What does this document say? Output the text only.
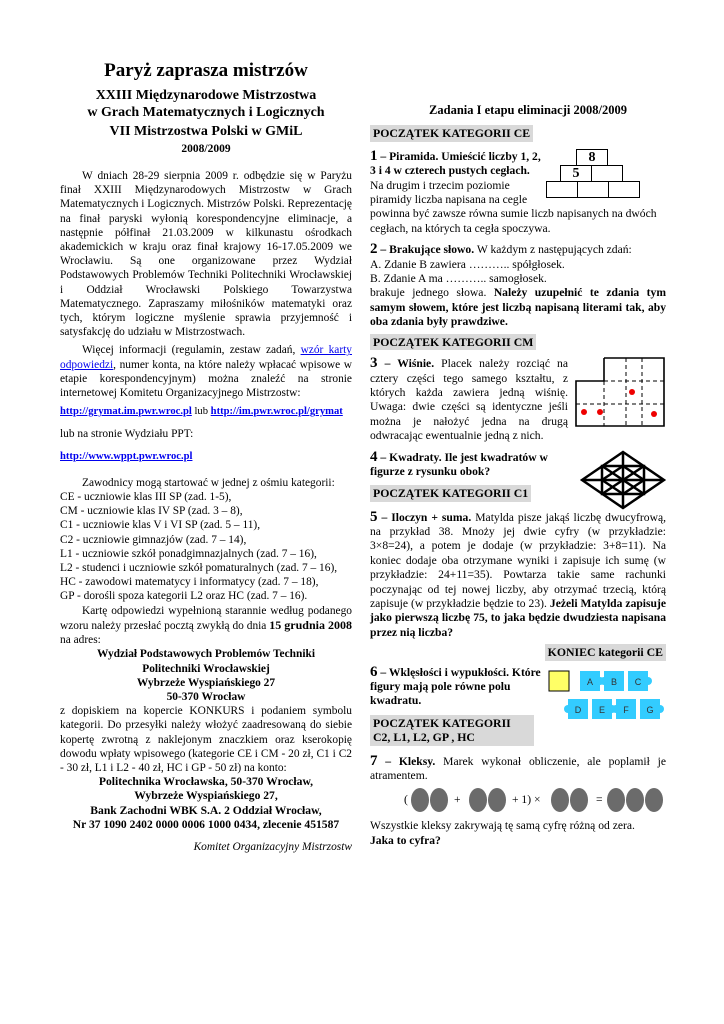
Paryż zaprasza mistrzów
XXIII Międzynarodowe Mistrzostwa
w Grach Matematycznych i Logicznych
VII Mistrzostwa Polski w GMiL
2008/2009

W dniach 28-29 sierpnia 2009 r. odbędzie się w Paryżu finał XXIII Międzynarodowych Mistrzostw w Grach Matematycznych i Logicznych. Mistrzów Polski. Reprezentację na finał paryski wyłonią korespondencyjne eliminacje, a następnie półfinał 21.03.2009 w kilkunastu ośrodkach akademickich w kraju oraz finał krajowy 16-17.05.2009 we Wrocławiu. Są one organizowane przez Wydział Podstawowych Problemów Techniki Politechniki Wrocławskiej i Oddział Wrocławski Polskiego Towarzystwa Matematycznego. Zapraszamy miłośników matematyki oraz tych, którym logiczne myślenie sprawia przyjemność i satysfakcję do udziału w Mistrzostwach.

Więcej informacji (regulamin, zestaw zadań, wzór karty odpowiedzi, numer konta, na które należy wpłacać wpisowe w etapie korespondencyjnym) można znaleźć na stronie internetowej Komitetu Organizacyjnego Mistrzostw:

http://grymat.im.pwr.wroc.pl lub http://im.pwr.wroc.pl/grymat

lub na stronie Wydziału PPT:

http://www.wppt.pwr.wroc.pl

Zawodnicy mogą startować w jednej z ośmiu kategorii:

CE - uczniowie klas III SP (zad. 1-5),
CM - uczniowie klas IV SP (zad. 3 – 8),
C1 - uczniowie klas V i VI SP (zad. 5 – 11),
C2 - uczniowie gimnazjów (zad. 7 – 14),
L1 - uczniowie szkół ponadgimnazjalnych (zad. 7 – 16),
L2 - studenci i uczniowie szkół pomaturalnych (zad. 7 – 16),
HC - zawodowi matematycy i informatycy (zad. 7 – 18),
GP - dorośli spoza kategorii L2 oraz HC (zad. 7 – 16).

Kartę odpowiedzi wypełnioną starannie według podanego wzoru należy przesłać pocztą zwykłą do dnia 15 grudnia 2008 na adres:

Wydział Podstawowych Problemów Techniki
Politechniki Wrocławskiej
Wybrzeże Wyspiańskiego 27
50-370 Wrocław

z dopiskiem na kopercie KONKURS i podaniem symbolu kategorii. Do przesyłki należy włożyć zaadresowaną do siebie kopertę zwrotną z naklejonym znaczkiem oraz kserokopię dowodu wpłaty wpisowego (kategorie CE i CM - 20 zł, C1 i C2 - 30 zł, L1 i L2 - 40 zł, HC i GP - 50 zł) na konto:

Politechnika Wrocławska, 50-370 Wrocław,
Wybrzeże Wyspiańskiego 27,
Bank Zachodni WBK S.A. 2 Oddział Wrocław,
Nr 37 1090 2402 0000 0006 1000 0434, zlecenie 451587

Komitet Organizacyjny Mistrzostw

Zadania I etapu eliminacji 2008/2009
POCZĄTEK KATEGORII CE
8
5

1 – Piramida. Umieścić liczby 1, 2, 3 i 4 w czterech pustych cegłach. Na drugim i trzecim poziomie piramidy liczba napisana na cegle powinna być zawsze równa sumie liczb napisanych na dwóch cegłach, na których ta cegła spoczywa.

2 – Brakujące słowo. W każdym z następujących zdań:

A. Zdanie B zawiera ……….. spółgłosek.

B. Zdanie A ma ……….. samogłosek.

brakuje jednego słowa. Należy uzupełnić te zdania tym samym słowem, które jest liczbą napisaną literami tak, aby oba zdania były prawdziwe.

POCZĄTEK KATEGORII CM

3 – Wiśnie. Placek należy rozciąć na cztery części tego samego kształtu, z których każda zawiera jedną wiśnię. Uwaga: dwie części są identyczne jeśli można je nałożyć jedna na drugą odwracając ewentualnie jedną z nich.

4 – Kwadraty. Ile jest kwadratów w figurze z rysunku obok?

POCZĄTEK KATEGORII C1

5 – Iloczyn + suma. Matylda pisze jakąś liczbę dwucyfrową, na przykład 38. Mnoży jej dwie cyfry (w przykładzie: 3×8=24), a potem je dodaje (w przykładzie: 3+8=11). Na koniec dodaje oba otrzymane wyniki i zapisuje ich sumę (w przykładzie: 24+11=35). Powtarza takie same rachunki poczynając od tej nowej liczby, aby otrzymać trzecią, którą zapisuje (w przykładzie będzie to 23). Jeżeli Matylda zapisuje jako pierwszą liczbę 75, to jaka będzie dwudziesta napisana przez nią liczba?

KONIEC kategorii CE
A B C
D E F G

6 – Wklęsłości i wypukłości. Które figury mają pole równe polu kwadratu.

POCZĄTEK KATEGORII C2, L1, L2, GP , HC

7 – Kleksy. Marek wykonał obliczenie, ale poplamił je atramentem.

(	+	+ 1) ×	=

Wszystkie kleksy zakrywają tę samą cyfrę różną od zera.

Jaka to cyfra?
